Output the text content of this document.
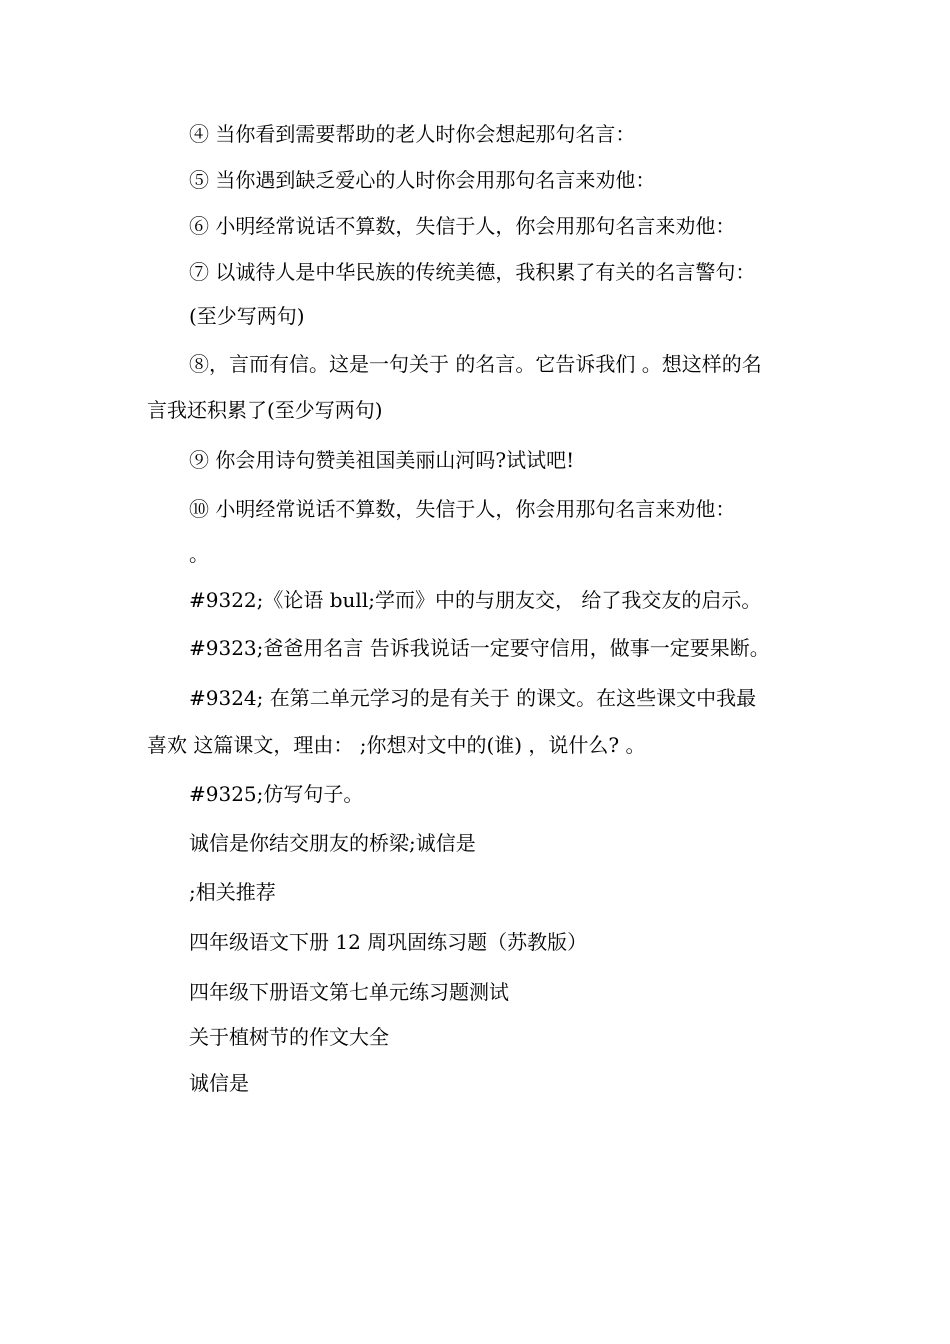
④ 当你看到需要帮助的老人时你会想起那句名言：
⑤ 当你遇到缺乏爱心的人时你会用那句名言来劝他：
⑥ 小明经常说话不算数，失信于人，你会用那句名言来劝他：
⑦ 以诚待人是中华民族的传统美德，我积累了有关的名言警句：
(至少写两句)
⑧，言而有信。这是一句关于 的名言。它告诉我们 。想这样的名
言我还积累了(至少写两句)
⑨ 你会用诗句赞美祖国美丽山河吗?试试吧!
⑩ 小明经常说话不算数，失信于人，你会用那句名言来劝他：
。
#9322;《论语 bull;学而》中的与朋友交， 给了我交友的启示。
#9323;爸爸用名言 告诉我说话一定要守信用，做事一定要果断。
#9324; 在第二单元学习的是有关于 的课文。在这些课文中我最
喜欢 这篇课文，理由： ;你想对文中的(谁) ，说什么? 。
#9325;仿写句子。
诚信是你结交朋友的桥梁;诚信是
;相关推荐
四年级语文下册 12 周巩固练习题（苏教版）
四年级下册语文第七单元练习题测试
关于植树节的作文大全
诚信是
